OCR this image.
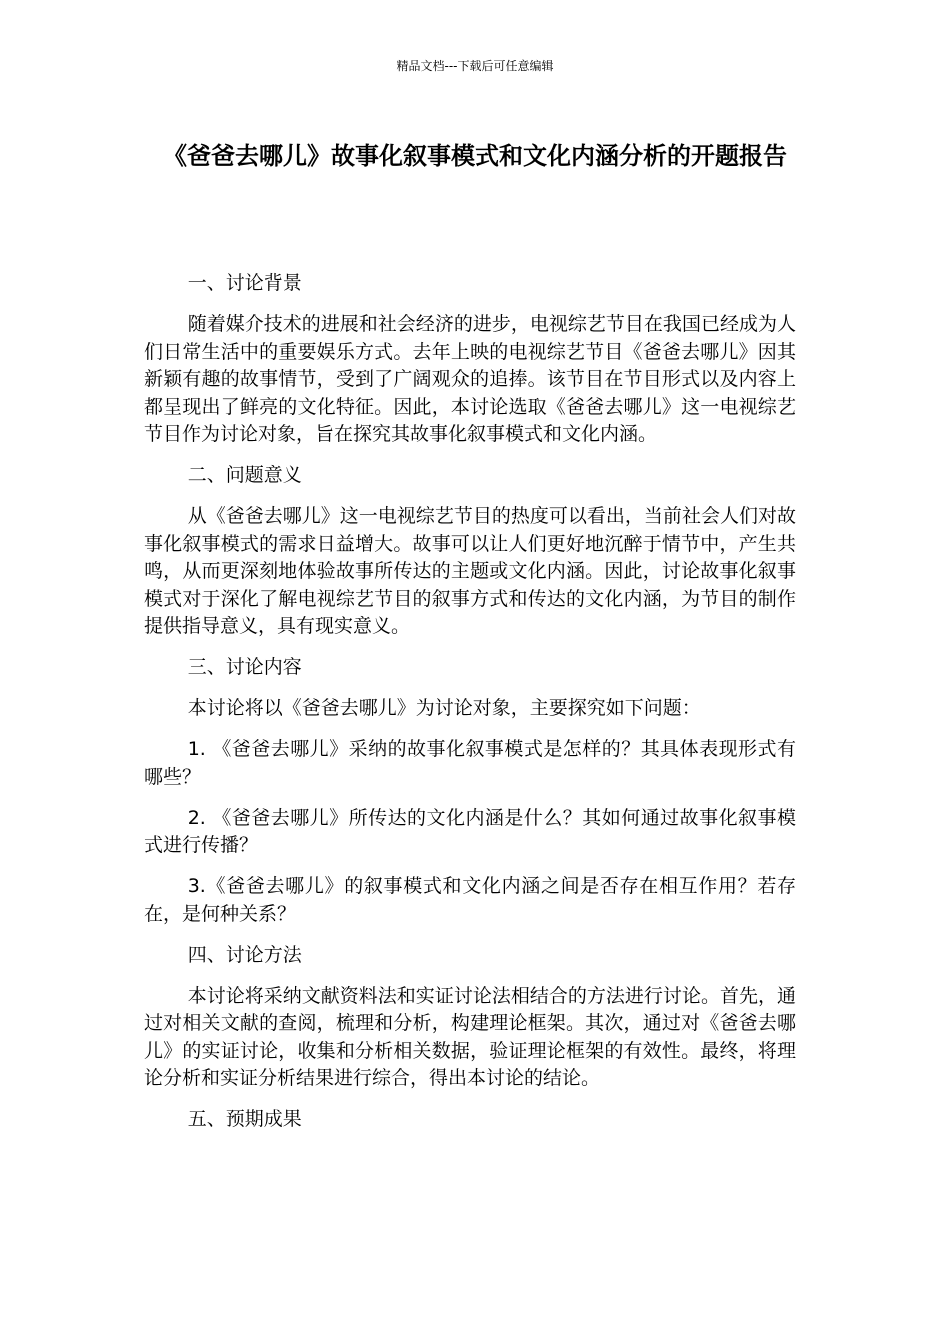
精品文档---下载后可任意编辑
《爸爸去哪儿》故事化叙事模式和文化内涵分析的开题报告

一、讨论背景

随着媒介技术的进展和社会经济的进步，电视综艺节目在我国已经成为人们日常生活中的重要娱乐方式。去年上映的电视综艺节目《爸爸去哪儿》因其新颖有趣的故事情节，受到了广阔观众的追捧。该节目在节目形式以及内容上都呈现出了鲜亮的文化特征。因此，本讨论选取《爸爸去哪儿》这一电视综艺节目作为讨论对象，旨在探究其故事化叙事模式和文化内涵。

二、问题意义

从《爸爸去哪儿》这一电视综艺节目的热度可以看出，当前社会人们对故事化叙事模式的需求日益增大。故事可以让人们更好地沉醉于情节中，产生共鸣，从而更深刻地体验故事所传达的主题或文化内涵。因此，讨论故事化叙事模式对于深化了解电视综艺节目的叙事方式和传达的文化内涵，为节目的制作提供指导意义，具有现实意义。

三、讨论内容

本讨论将以《爸爸去哪儿》为讨论对象，主要探究如下问题：

1. 《爸爸去哪儿》采纳的故事化叙事模式是怎样的？其具体表现形式有哪些？

2. 《爸爸去哪儿》所传达的文化内涵是什么？其如何通过故事化叙事模式进行传播？

3.《爸爸去哪儿》的叙事模式和文化内涵之间是否存在相互作用？若存在，是何种关系？

四、讨论方法

本讨论将采纳文献资料法和实证讨论法相结合的方法进行讨论。首先，通过对相关文献的查阅，梳理和分析，构建理论框架。其次，通过对《爸爸去哪儿》的实证讨论，收集和分析相关数据，验证理论框架的有效性。最终，将理论分析和实证分析结果进行综合，得出本讨论的结论。

五、预期成果
